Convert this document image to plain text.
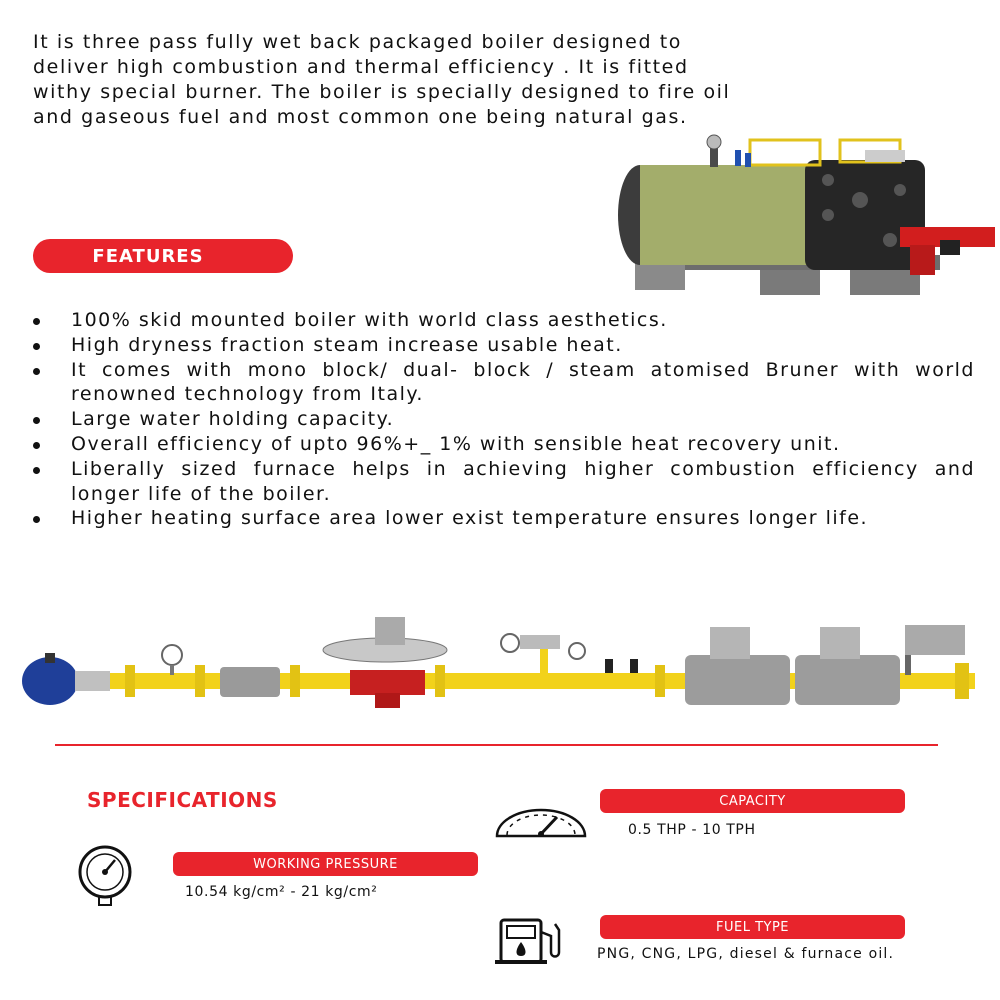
It is three pass fully wet back packaged boiler designed to deliver high combustion and thermal efficiency . It is fitted withy special burner. The boiler is specially designed to fire oil and gaseous fuel and most common one being natural gas.

FEATURES
100% skid mounted boiler with world class aesthetics.
High dryness fraction steam increase usable heat.
It comes with mono block/ dual- block / steam atomised Bruner with world renowned technology from Italy.
Large water holding capacity.
Overall efficiency of upto 96%+_ 1% with sensible heat recovery unit.
Liberally sized furnace helps in achieving higher combustion efficiency and longer life of the boiler.
Higher heating surface area lower exist temperature ensures longer life.

SPECIFICATIONS	CAPACITY

0.5 THP - 10 TPH

WORKING PRESSURE

10.54 kg/cm² - 21 kg/cm²

FUEL TYPE

PNG, CNG, LPG, diesel & furnace oil.
